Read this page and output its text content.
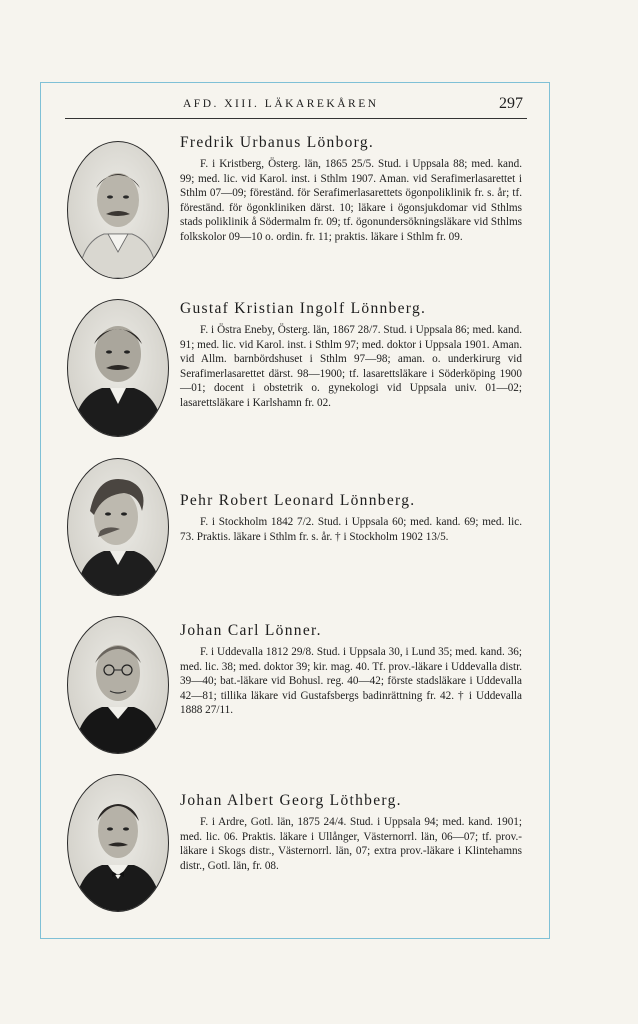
AFD. XIII. LÄKAREKÅREN	297

Fredrik Urbanus Lönborg.

F. i Kristberg, Österg. län, 1865 25/5. Stud. i Uppsala 88; med. kand. 99; med. lic. vid Karol. inst. i Sthlm 1907. Aman. vid Serafimerlasarettet i Sthlm 07—09; föreständ. för Serafimerlasarettets ögonpoliklinik fr. s. år; tf. föreständ. för ögonkliniken därst. 10; läkare i ögonsjukdomar vid Sthlms stads poliklinik å Södermalm fr. 09; tf. ögonundersökningsläkare vid Sthlms folkskolor 09—10 o. ordin. fr. 11; praktis. läkare i Sthlm fr. 09.

Gustaf Kristian Ingolf Lönnberg.

F. i Östra Eneby, Österg. län, 1867 28/7. Stud. i Uppsala 86; med. kand. 91; med. lic. vid Karol. inst. i Sthlm 97; med. doktor i Uppsala 1901. Aman. vid Allm. barnbördshuset i Sthlm 97—98; aman. o. underkirurg vid Serafimerlasarettet därst. 98—1900; tf. lasarettsläkare i Söderköping 1900—01; docent i obstetrik o. gynekologi vid Uppsala univ. 01—02; lasarettsläkare i Karlshamn fr. 02.

Pehr Robert Leonard Lönnberg.

F. i Stockholm 1842 7/2. Stud. i Uppsala 60; med. kand. 69; med. lic. 73. Praktis. läkare i Sthlm fr. s. år. † i Stockholm 1902 13/5.

Johan Carl Lönner.

F. i Uddevalla 1812 29/8. Stud. i Uppsala 30, i Lund 35; med. kand. 36; med. lic. 38; med. doktor 39; kir. mag. 40. Tf. prov.-läkare i Uddevalla distr. 39—40; bat.-läkare vid Bohusl. reg. 40—42; förste stadsläkare i Uddevalla 42—81; tillika läkare vid Gustafsbergs badinrättning fr. 42. † i Uddevalla 1888 27/11.

Johan Albert Georg Löthberg.

F. i Ardre, Gotl. län, 1875 24/4. Stud. i Uppsala 94; med. kand. 1901; med. lic. 06. Praktis. läkare i Ullånger, Västernorrl. län, 06—07; tf. prov.-läkare i Skogs distr., Västernorrl. län, 07; extra prov.-läkare i Klintehamns distr., Gotl. län, fr. 08.
